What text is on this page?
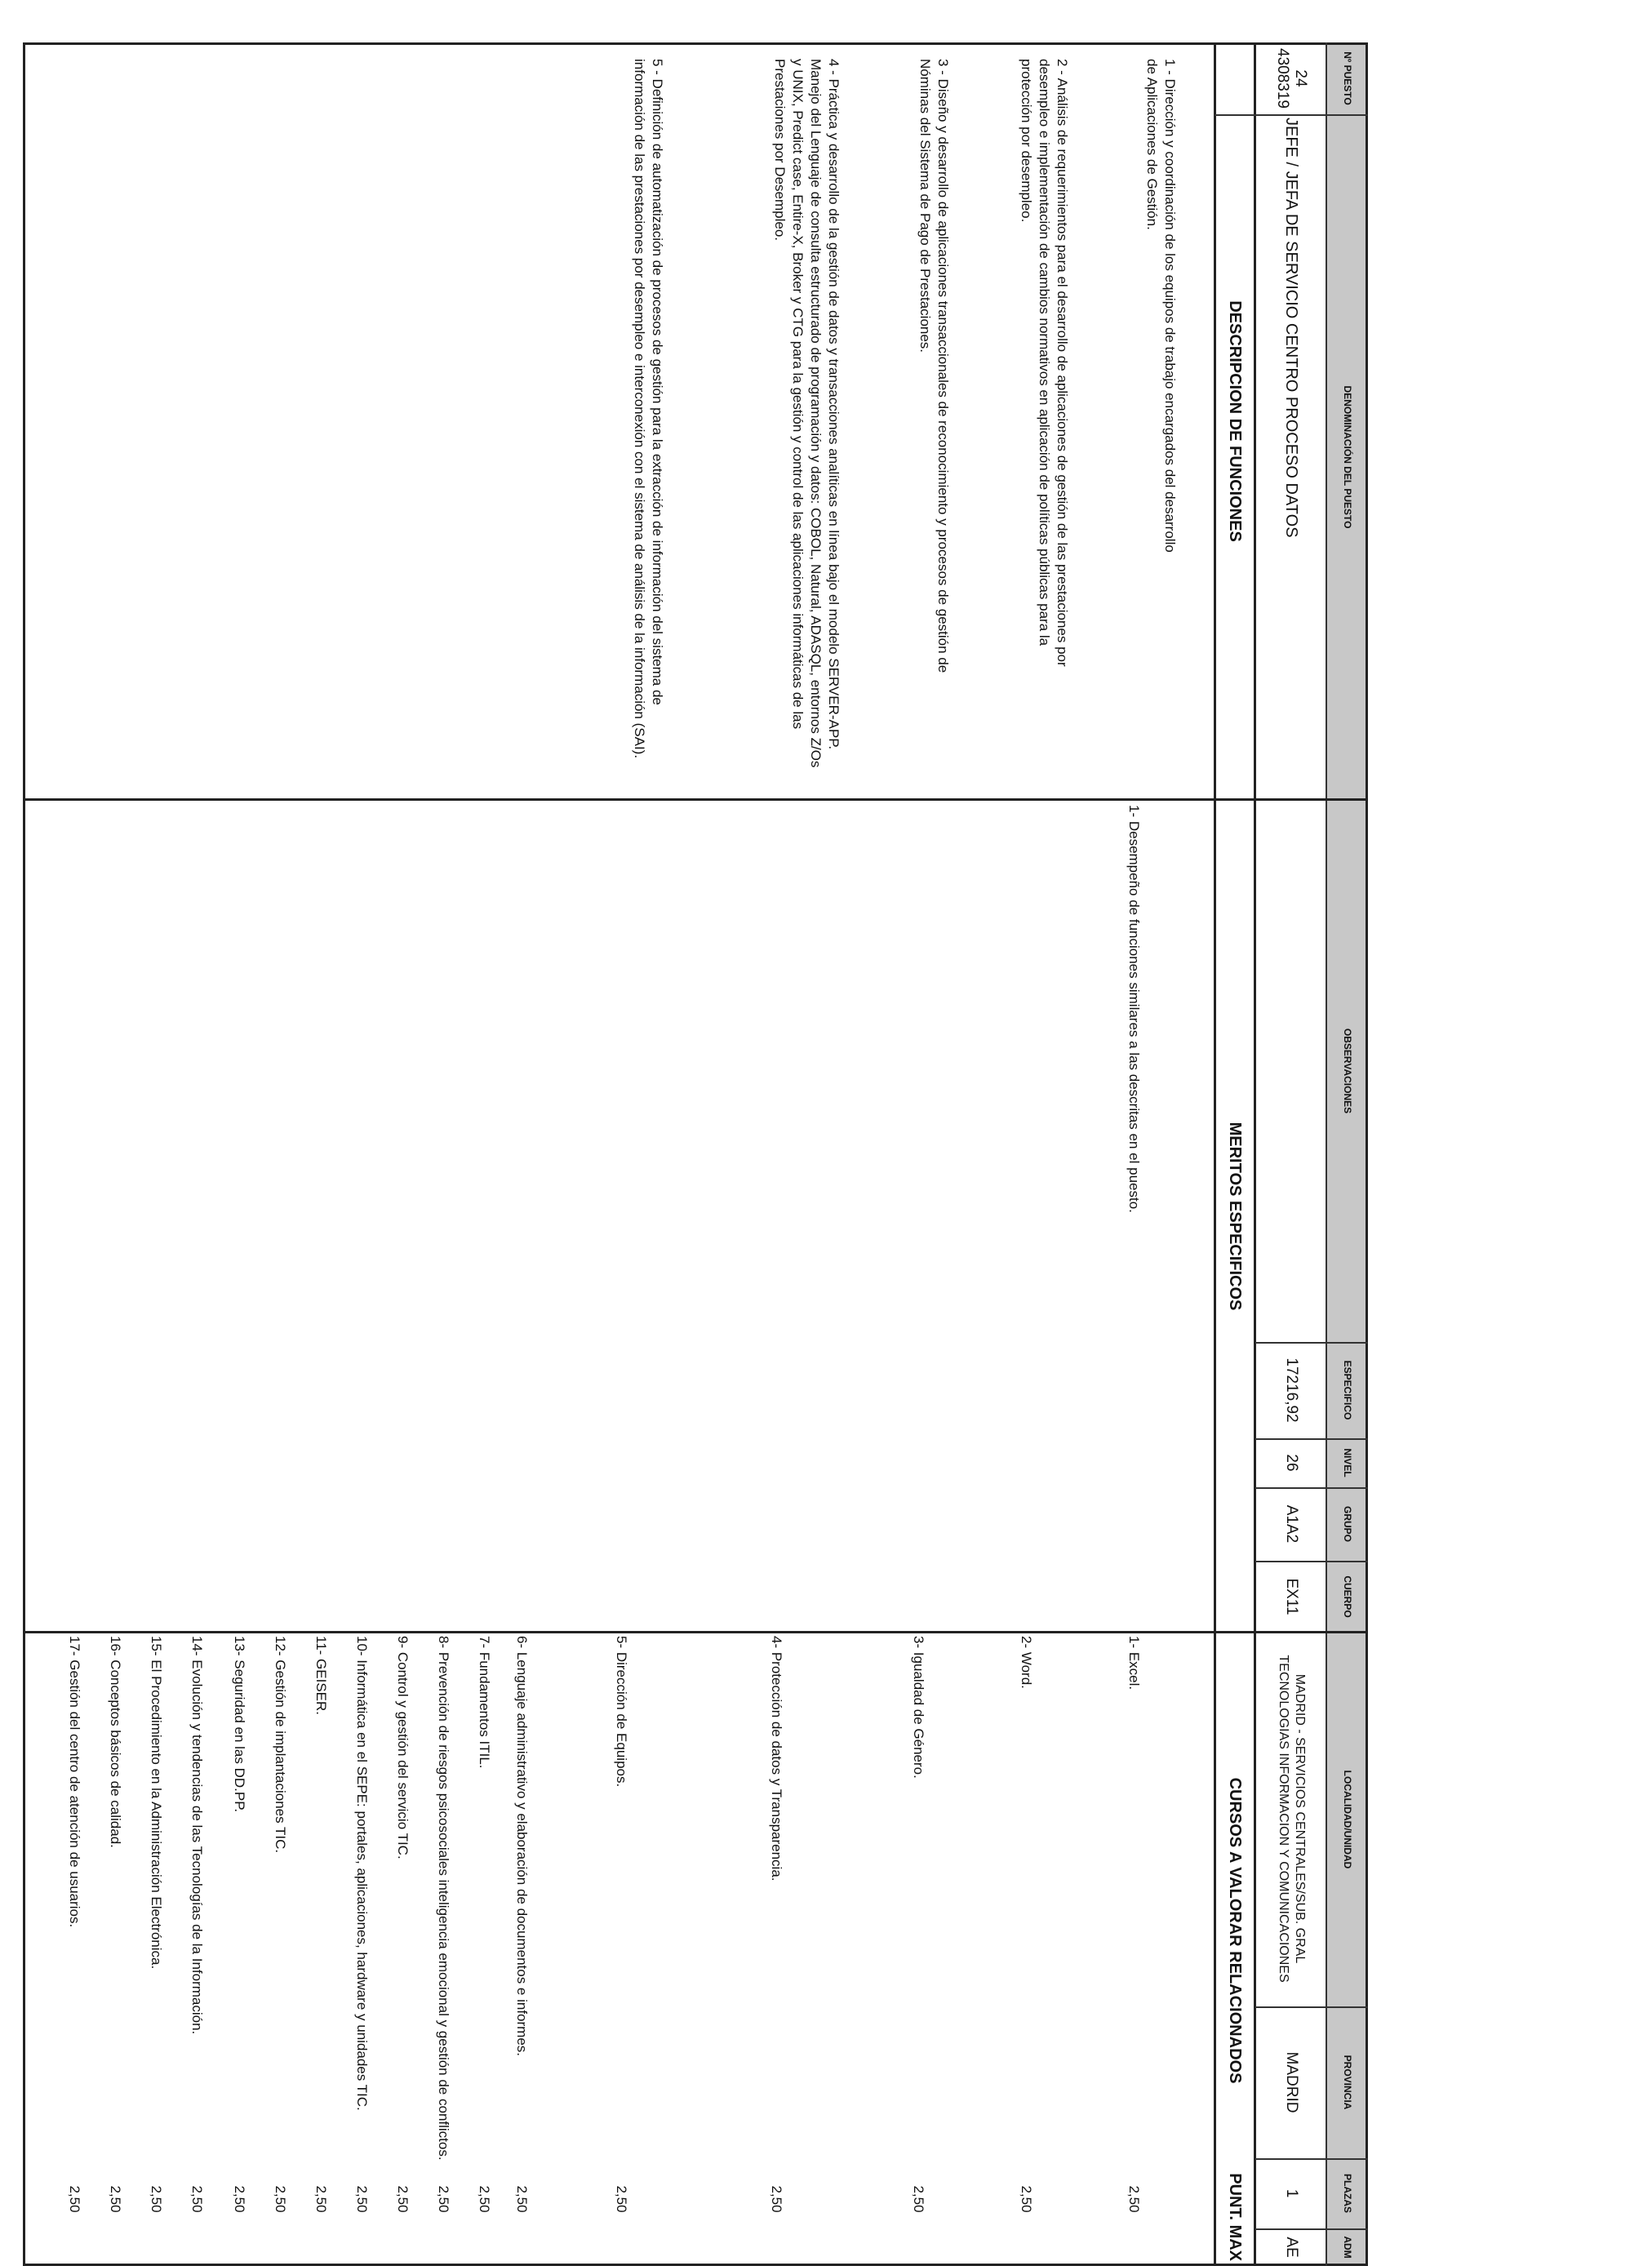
Nº PUESTO
DENOMINACIÓN DEL PUESTO
OBSERVACIONES
ESPECIFICO
NIVEL
GRUPO
CUERPO
LOCALIDAD/UNIDAD
PROVINCIA
PLAZAS
ADM
24
4308319
JEFE / JEFA DE SERVICIO CENTRO PROCESO DATOS
17216,92
26
A1A2
EX11
MADRID - SERVICIOS CENTRALES/SUB. GRAL TECNOLOGIAS INFORMACION Y COMUNICACIONES
MADRID
1
AE
DESCRIPCION DE FUNCIONES
MERITOS ESPECIFICOS
CURSOS A VALORAR RELACIONADOS
PUNT. MAX
1 - Dirección y coordinación de los equipos de trabajo encargados del desarrollo de Aplicaciones de Gestión.
2 - Análisis de requerimientos para el desarrollo de aplicaciones de gestión de las prestaciones por desempleo e implementación de cambios normativos en aplicación de políticas públicas para la protección por desempleo.
3 - Diseño y desarrollo de aplicaciones transaccionales de reconocimiento y procesos de gestión de Nóminas del Sistema de Pago de Prestaciones.
4 - Práctica y desarrollo de la gestión de datos y transacciones analíticas en línea bajo el modelo SERVER-APP. Manejo del Lenguaje de consulta estructurado de programación y datos: COBOL, Natural, ADASQL, entornos Z/Os y UNIX, Predict case, Entire-X, Broker y CTG para la gestión y control de las aplicaciones informáticas de las Prestaciones por Desempleo.
5 - Definición de automatización de procesos de gestión para la extracción de información del sistema de información de las prestaciones por desempleo e interconexión con el sistema de análisis de la información (SAI).
1- Desempeño de funciones similares a las descritas en el puesto.
1- Excel.
2- Word.
3- Igualdad de Género.
4- Protección de datos y Transparencia.
5- Dirección de Equipos.
6- Lenguaje administrativo y elaboración de documentos e informes.
7- Fundamentos ITIL.
8- Prevención de riesgos psicosociales inteligencia emocional y gestión de conflictos.
9- Control y gestión del servicio TIC.
10- Informática en el SEPE: portales, aplicaciones, hardware y unidades TIC.
11- GEISER.
12- Gestión de implantaciones TIC.
13- Seguridad en las DD.PP.
14- Evolución y tendencias de las Tecnologías de la Información.
15- El Procedimiento en la Administración Electrónica.
16- Conceptos básicos de calidad.
17- Gestión del centro de atención de usuarios.
2,50
2,50
2,50
2,50
2,50
2,50
2,50
2,50
2,50
2,50
2,50
2,50
2,50
2,50
2,50
2,50
2,50
